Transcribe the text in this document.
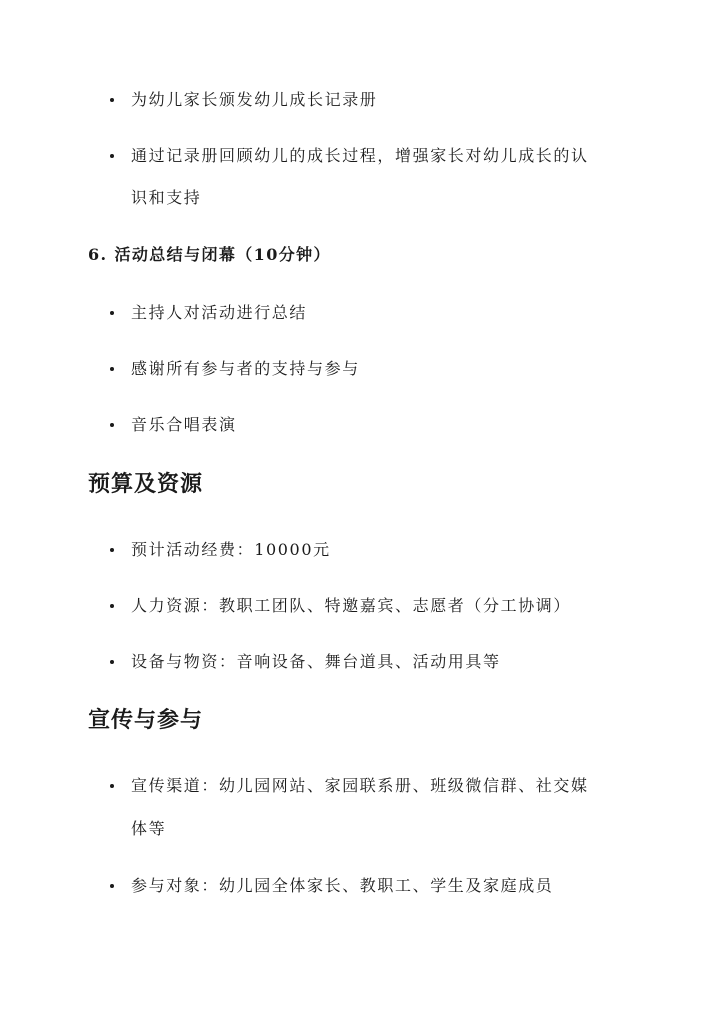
为幼儿家长颁发幼儿成长记录册
通过记录册回顾幼儿的成长过程，增强家长对幼儿成长的认
识和支持
6. 活动总结与闭幕（10分钟）
主持人对活动进行总结
感谢所有参与者的支持与参与
音乐合唱表演
预算及资源
预计活动经费：10000元
人力资源：教职工团队、特邀嘉宾、志愿者（分工协调）
设备与物资：音响设备、舞台道具、活动用具等
宣传与参与
宣传渠道：幼儿园网站、家园联系册、班级微信群、社交媒
体等
参与对象：幼儿园全体家长、教职工、学生及家庭成员
